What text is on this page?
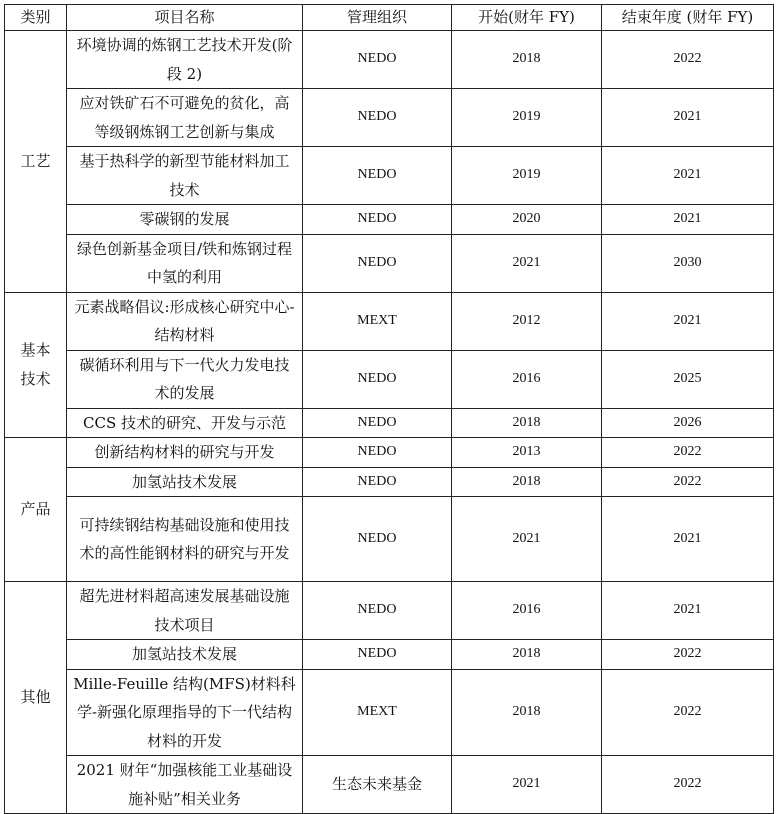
类别	项目名称	管理组织	开始(财年 FY)	结束年度 (财年 FY)
工艺	环境协调的炼钢工艺技术开发(阶段 2)	NEDO	2018	2022
	应对铁矿石不可避免的贫化，高等级钢炼钢工艺创新与集成	NEDO	2019	2021
	基于热科学的新型节能材料加工技术	NEDO	2019	2021
	零碳钢的发展	NEDO	2020	2021
	绿色创新基金项目/铁和炼钢过程中氢的利用	NEDO	2021	2030

基本技术	元素战略倡议:形成核心研究中心-结构材料	MEXT	2012	2021
	碳循环利用与下一代火力发电技术的发展	NEDO	2016	2025
	CCS 技术的研究、开发与示范	NEDO	2018	2026
产品	创新结构材料的研究与开发	NEDO	2013	2022
	加氢站技术发展	NEDO	2018	2022
	可持续钢结构基础设施和使用技术的高性能钢材料的研究与开发	NEDO	2021	2021
其他	超先进材料超高速发展基础设施技术项目	NEDO	2016	2021
	加氢站技术发展	NEDO	2018	2022
	Mille-Feuille 结构(MFS)材料科学-新强化原理指导的下一代结构材料的开发	MEXT	2018	2022
	2021 财年“加强核能工业基础设施补贴”相关业务	生态未来基金	2021	2022
